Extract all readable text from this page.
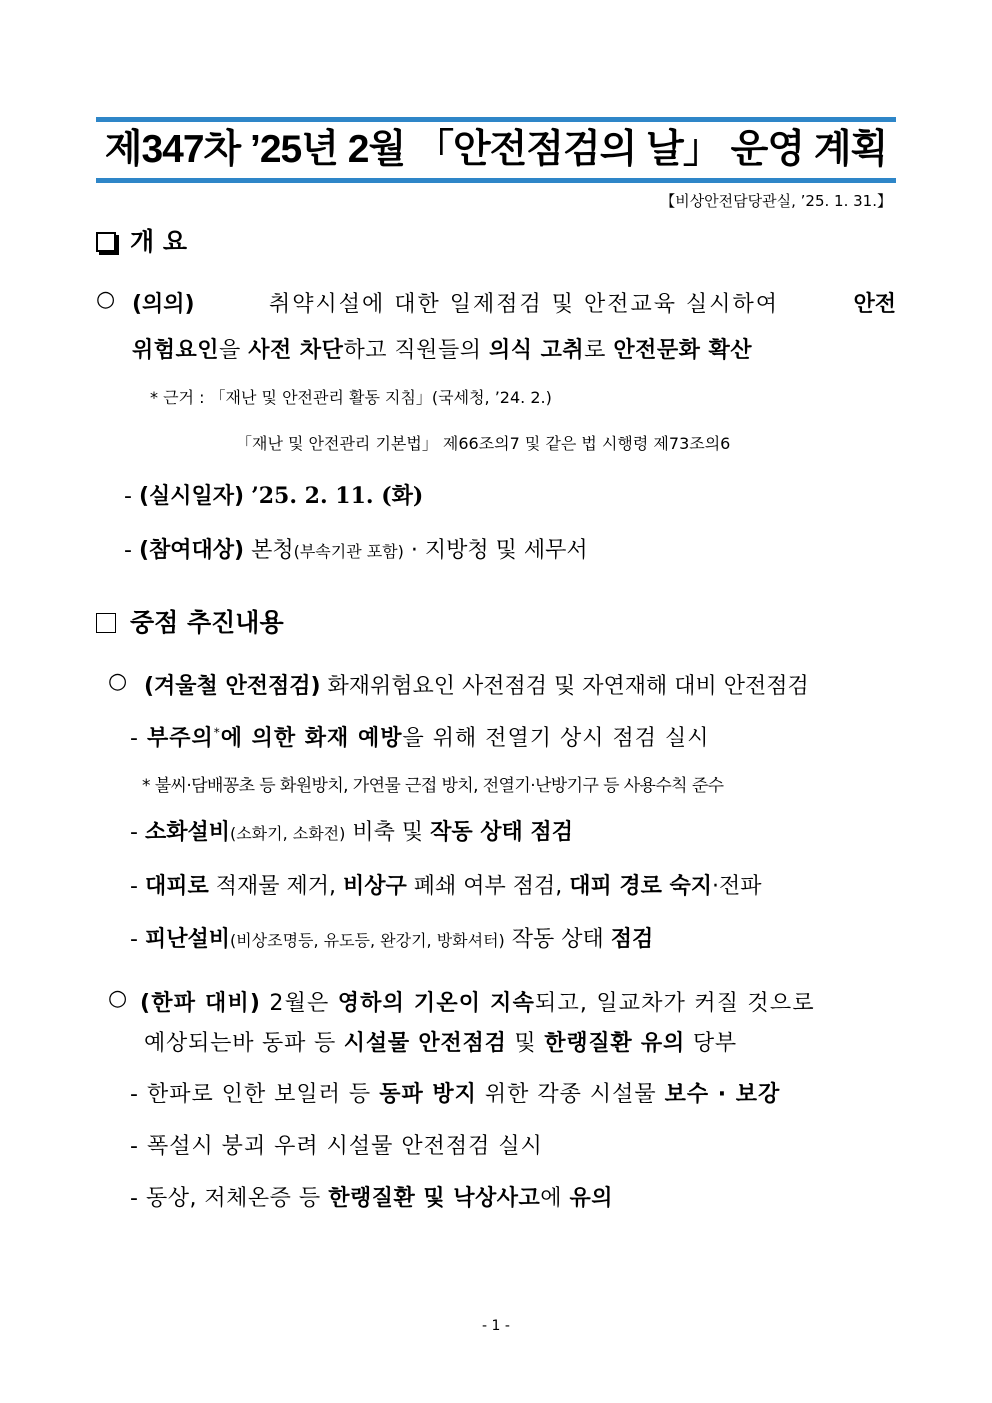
제347차 ’25년 2월 「안전점검의 날」 운영 계획
【비상안전담당관실, ’25. 1. 31.】
개 요
○ (의의)	취약시설에 대한 일제점검 및 안전교육 실시하여	안전
위험요인을 사전 차단하고 직원들의 의식 고취로 안전문화 확산
* 근거 : 「재난 및 안전관리 활동 지침」(국세청, ’24. 2.)
「재난 및 안전관리 기본법」 제66조의7 및 같은 법 시행령 제73조의6
- (실시일자) ’25. 2. 11. (화)
- (참여대상) 본청(부속기관 포함) · 지방청 및 세무서
중점 추진내용
○ (겨울철 안전점검) 화재위험요인 사전점검 및 자연재해 대비 안전점검
- 부주의*에 의한 화재 예방을 위해 전열기 상시 점검 실시
* 불씨·담배꽁초 등 화원방치, 가연물 근접 방치, 전열기·난방기구 등 사용수칙 준수
- 소화설비(소화기, 소화전) 비축 및 작동 상태 점검
- 대피로 적재물 제거, 비상구 폐쇄 여부 점검, 대피 경로 숙지·전파
- 피난설비(비상조명등, 유도등, 완강기, 방화셔터) 작동 상태 점검
○ (한파 대비) 2월은 영하의 기온이 지속되고, 일교차가 커질 것으로
예상되는바 동파 등 시설물 안전점검 및 한랭질환 유의 당부
- 한파로 인한 보일러 등 동파 방지 위한 각종 시설물 보수 · 보강
- 폭설시 붕괴 우려 시설물 안전점검 실시
- 동상, 저체온증 등 한랭질환 및 낙상사고에 유의
- 1 -
